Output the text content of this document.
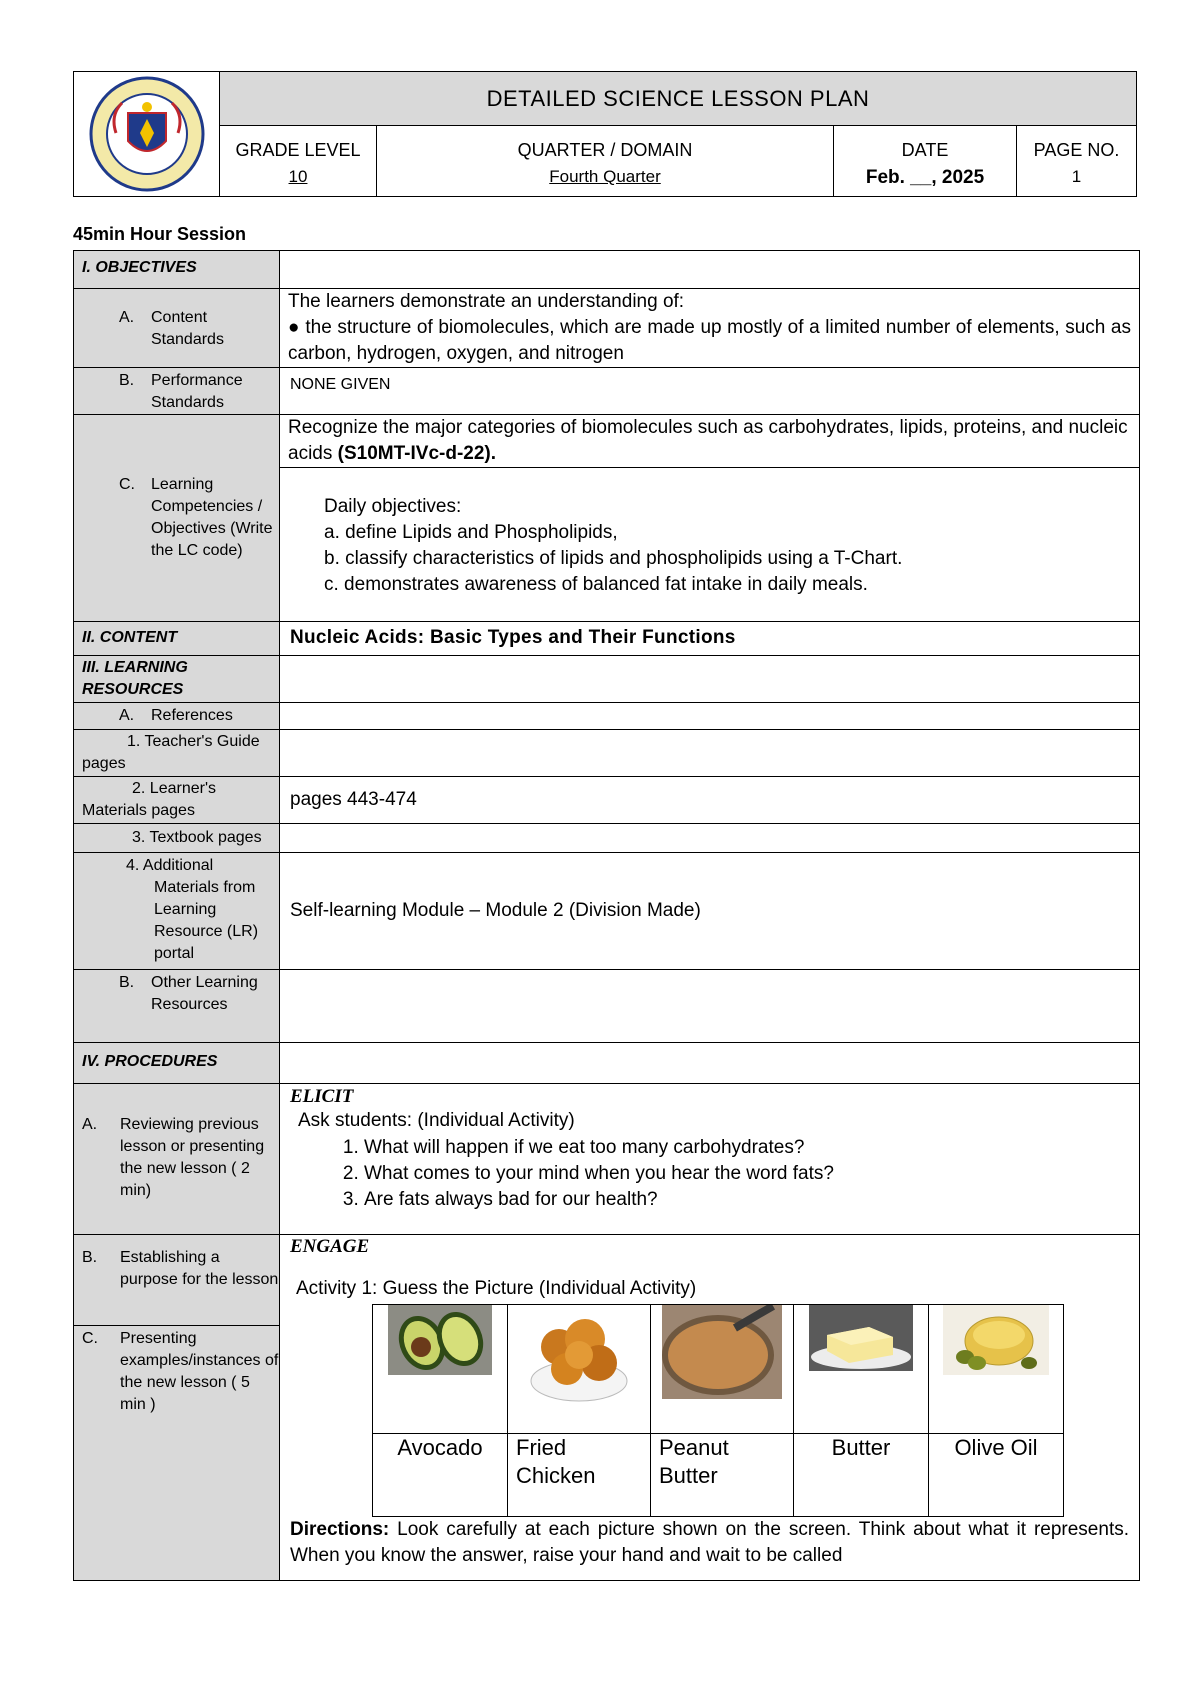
DETAILED SCIENCE LESSON PLAN
GRADE LEVEL
10
QUARTER / DOMAIN
Fourth Quarter
DATE
Feb. __, 2025
PAGE NO.
1
45min Hour Session
I. OBJECTIVES

A.	Content Standards

The learners demonstrate an understanding of:
● the structure of biomolecules, which are made up mostly of a limited number of elements, such as carbon, hydrogen, oxygen, and nitrogen

B.	Performance Standards
	NONE GIVEN

C.	Learning Competencies / Objectives (Write the LC code)
	Recognize the major categories of biomolecules such as carbohydrates, lipids, proteins, and nucleic acids (S10MT-IVc-d-22).

Daily objectives:
a. define Lipids and Phospholipids,
b. classify characteristics of lipids and phospholipids using a T-Chart.
c. demonstrates awareness of balanced fat intake in daily meals.

II. CONTENT	Nucleic Acids: Basic Types and Their Functions

III. LEARNING RESOURCES

A.	References

1. Teacher's Guide pages

2. Learner's Materials pages
	pages 443-474

3. Textbook pages

4. Additional Materials from Learning Resource (LR) portal
	Self-learning Module – Module 2 (Division Made)

B.	Other Learning Resources

IV. PROCEDURES

A.	Reviewing previous lesson or presenting the new lesson ( 2 min)

ELICIT
Ask students: (Individual Activity)
1. What will happen if we eat too many carbohydrates?
2. What comes to your mind when you hear the word fats?
3. Are fats always bad for our health?

B.	Establishing a purpose for the lesson

ENGAGE
Activity 1: Guess the Picture (Individual Activity)

Avocado	Fried Chicken	Peanut Butter	Butter	Olive Oil
Directions: Look carefully at each picture shown on the screen. Think about what it represents. When you know the answer, raise your hand and wait to be called

C.	Presenting examples/instances of the new lesson ( 5 min )
